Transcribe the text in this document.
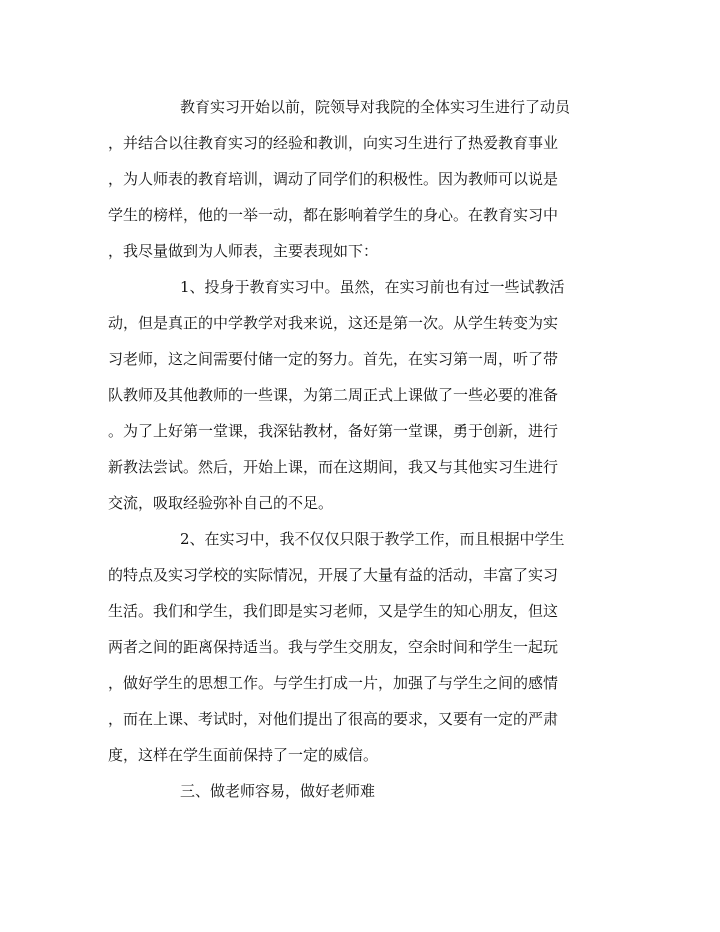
教育实习开始以前，院领导对我院的全体实习生进行了动员
，并结合以往教育实习的经验和教训，向实习生进行了热爱教育事业
，为人师表的教育培训，调动了同学们的积极性。因为教师可以说是
学生的榜样，他的一举一动，都在影响着学生的身心。在教育实习中
，我尽量做到为人师表，主要表现如下：
1、投身于教育实习中。虽然，在实习前也有过一些试教活
动，但是真正的中学教学对我来说，这还是第一次。从学生转变为实
习老师，这之间需要付储一定的努力。首先，在实习第一周，听了带
队教师及其他教师的一些课，为第二周正式上课做了一些必要的准备
。为了上好第一堂课，我深钻教材，备好第一堂课，勇于创新，进行
新教法尝试。然后，开始上课，而在这期间，我又与其他实习生进行
交流，吸取经验弥补自己的不足。
2、在实习中，我不仅仅只限于教学工作，而且根据中学生
的特点及实习学校的实际情况，开展了大量有益的活动，丰富了实习
生活。我们和学生，我们即是实习老师，又是学生的知心朋友，但这
两者之间的距离保持适当。我与学生交朋友，空余时间和学生一起玩
，做好学生的思想工作。与学生打成一片，加强了与学生之间的感情
，而在上课、考试时，对他们提出了很高的要求，又要有一定的严肃
度，这样在学生面前保持了一定的威信。
三、做老师容易，做好老师难
